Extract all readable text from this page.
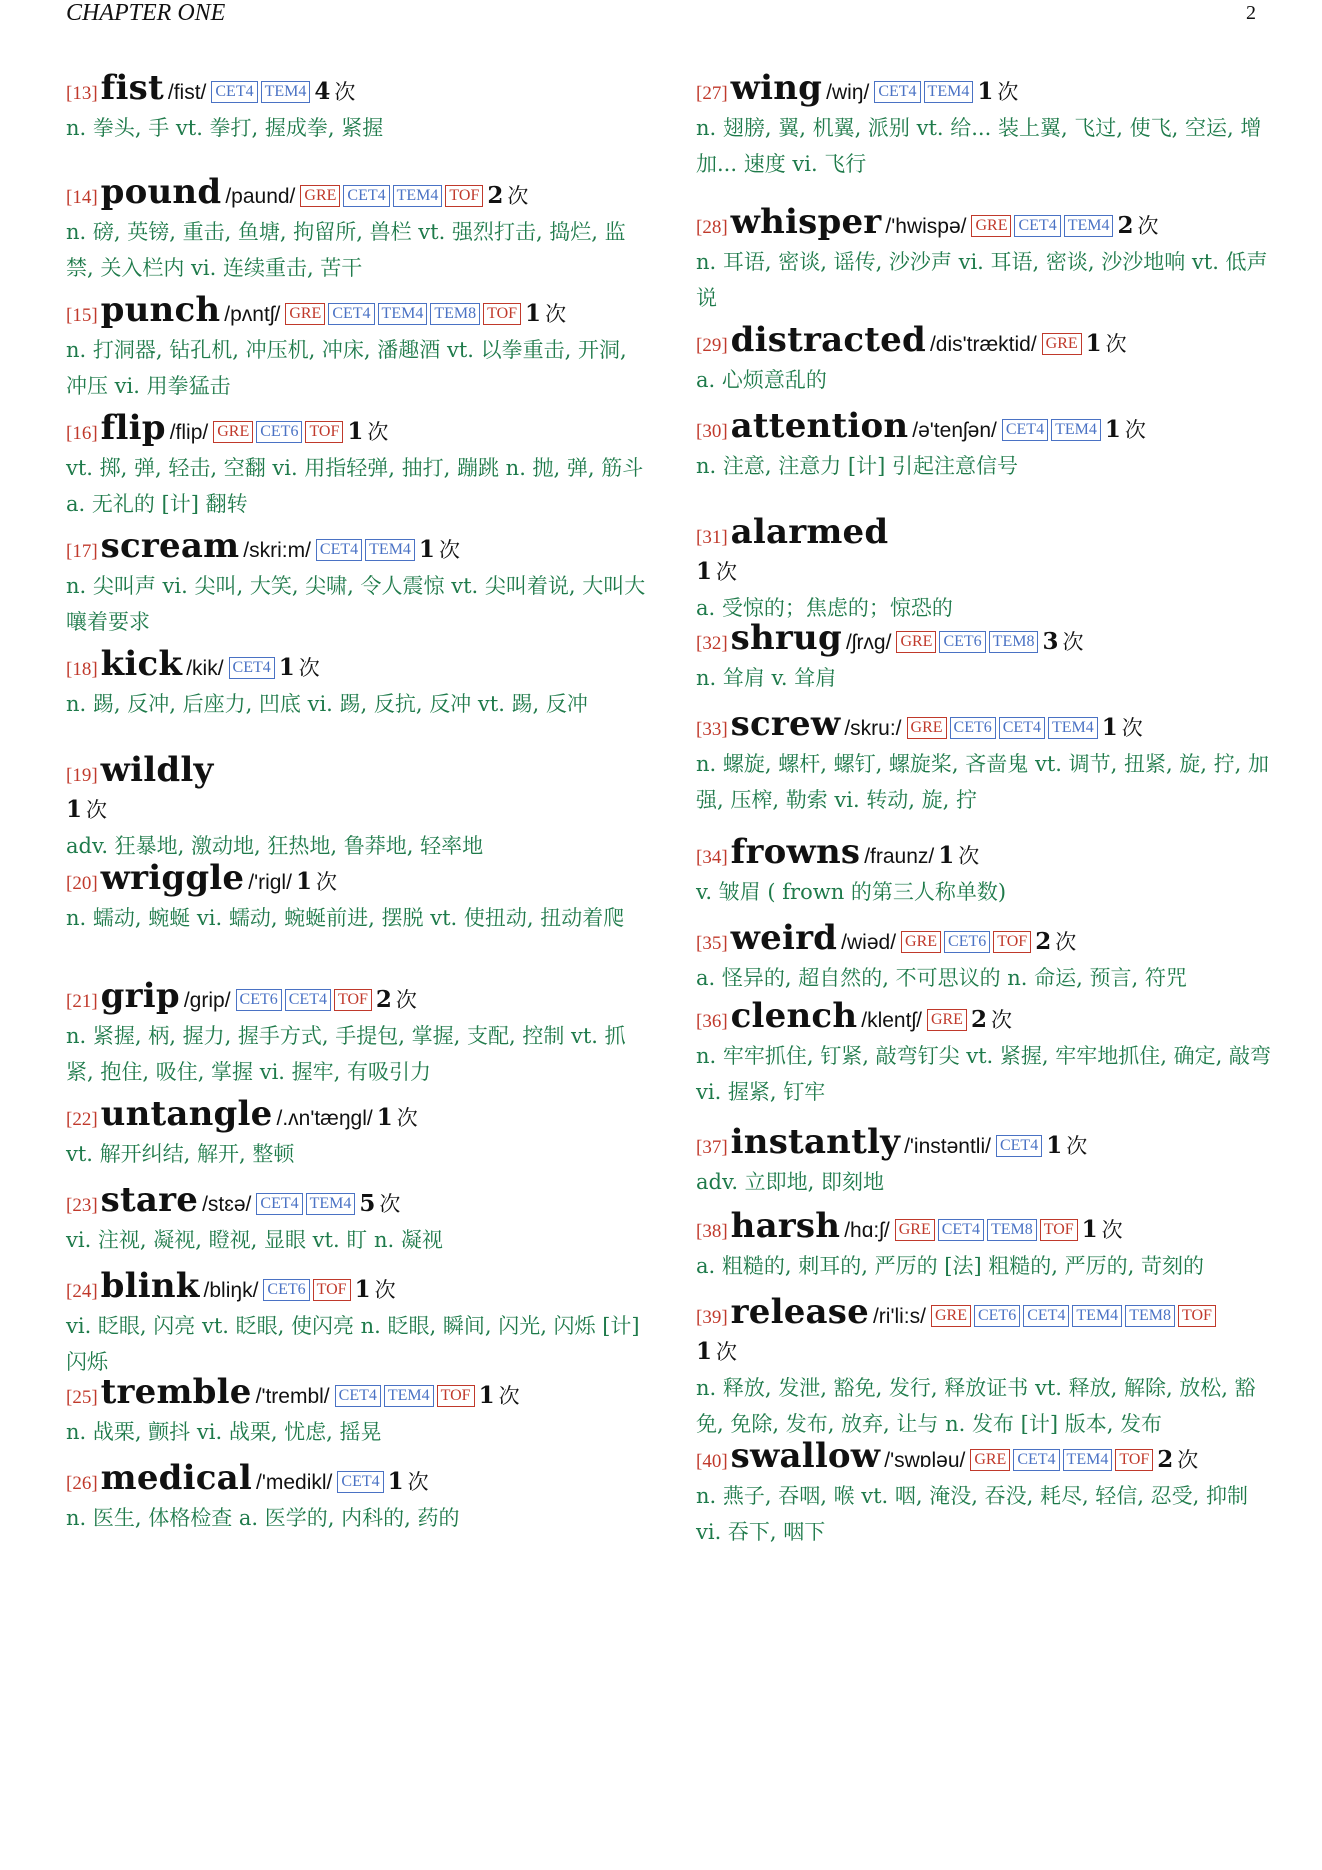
CHAPTER ONE	2
[13]fist /fist/ CET4 TEM4 4 次
n. 拳头, 手 vt. 拳打, 握成拳, 紧握
[14]pound /paund/ GRE CET4 TEM4 TOF 2 次
n. 磅, 英镑, 重击, 鱼塘, 拘留所, 兽栏 vt. 强烈打击, 捣烂, 监禁, 关入栏内 vi. 连续重击, 苦干
[15]punch /pʌntʃ/ GRE CET4 TEM4 TEM8 TOF 1 次
n. 打洞器, 钻孔机, 冲压机, 冲床, 潘趣酒 vt. 以拳重击, 开洞, 冲压 vi. 用拳猛击
[16]flip /flip/ GRE CET6 TOF 1 次
vt. 掷, 弹, 轻击, 空翻 vi. 用指轻弹, 抽打, 蹦跳 n. 抛, 弹, 筋斗 a. 无礼的 [计] 翻转
[17]scream /skri:m/ CET4 TEM4 1 次
n. 尖叫声 vi. 尖叫, 大笑, 尖啸, 令人震惊 vt. 尖叫着说, 大叫大嚷着要求
[18]kick /kik/ CET4 1 次
n. 踢, 反冲, 后座力, 凹底 vi. 踢, 反抗, 反冲 vt. 踢, 反冲
[19]wildly
1 次
adv. 狂暴地, 激动地, 狂热地, 鲁莽地, 轻率地
[20]wriggle /'rigl/ 1 次
n. 蠕动, 蜿蜒 vi. 蠕动, 蜿蜒前进, 摆脱 vt. 使扭动, 扭动着爬
[21]grip /grip/ CET6 CET4 TOF 2 次
n. 紧握, 柄, 握力, 握手方式, 手提包, 掌握, 支配, 控制 vt. 抓紧, 抱住, 吸住, 掌握 vi. 握牢, 有吸引力
[22]untangle /.ʌn'tæŋgl/ 1 次
vt. 解开纠结, 解开, 整顿
[23]stare /stɛə/ CET4 TEM4 5 次
vi. 注视, 凝视, 瞪视, 显眼 vt. 盯 n. 凝视
[24]blink /bliŋk/ CET6 TOF 1 次
vi. 眨眼, 闪亮 vt. 眨眼, 使闪亮 n. 眨眼, 瞬间, 闪光, 闪烁 [计] 闪烁
[25]tremble /'trembl/ CET4 TEM4 TOF 1 次
n. 战栗, 颤抖 vi. 战栗, 忧虑, 摇晃
[26]medical /'medikl/ CET4 1 次
n. 医生, 体格检查 a. 医学的, 内科的, 药的
[27]wing /wiŋ/ CET4 TEM4 1 次
n. 翅膀, 翼, 机翼, 派别 vt. 给... 装上翼, 飞过, 使飞, 空运, 增加... 速度 vi. 飞行
[28]whisper /'hwispə/ GRE CET4 TEM4 2 次
n. 耳语, 密谈, 谣传, 沙沙声 vi. 耳语, 密谈, 沙沙地响 vt. 低声说
[29]distracted /dis'træktid/ GRE 1 次
a. 心烦意乱的
[30]attention /ə'tenʃən/ CET4 TEM4 1 次
n. 注意, 注意力 [计] 引起注意信号
[31]alarmed
1 次
a. 受惊的；焦虑的；惊恐的
[32]shrug /ʃrʌg/ GRE CET6 TEM8 3 次
n. 耸肩 v. 耸肩
[33]screw /skru:/ GRE CET6 CET4 TEM4 1 次
n. 螺旋, 螺杆, 螺钉, 螺旋桨, 吝啬鬼 vt. 调节, 扭紧, 旋, 拧, 加强, 压榨, 勒索 vi. 转动, 旋, 拧
[34]frowns /fraunz/ 1 次
v. 皱眉 ( frown 的第三人称单数)
[35]weird /wiəd/ GRE CET6 TOF 2 次
a. 怪异的, 超自然的, 不可思议的 n. 命运, 预言, 符咒
[36]clench /klentʃ/ GRE 2 次
n. 牢牢抓住, 钉紧, 敲弯钉尖 vt. 紧握, 牢牢地抓住, 确定, 敲弯 vi. 握紧, 钉牢
[37]instantly /'instəntli/ CET4 1 次
adv. 立即地, 即刻地
[38]harsh /hɑ:ʃ/ GRE CET4 TEM8 TOF 1 次
a. 粗糙的, 刺耳的, 严厉的 [法] 粗糙的, 严厉的, 苛刻的
[39]release /ri'li:s/ GRE CET6 CET4 TEM4 TEM8 TOF
1 次
n. 释放, 发泄, 豁免, 发行, 释放证书 vt. 释放, 解除, 放松, 豁免, 免除, 发布, 放弃, 让与 n. 发布 [计] 版本, 发布
[40]swallow /'swɒləu/ GRE CET4 TEM4 TOF 2 次
n. 燕子, 吞咽, 喉 vt. 咽, 淹没, 吞没, 耗尽, 轻信, 忍受, 抑制 vi. 吞下, 咽下
